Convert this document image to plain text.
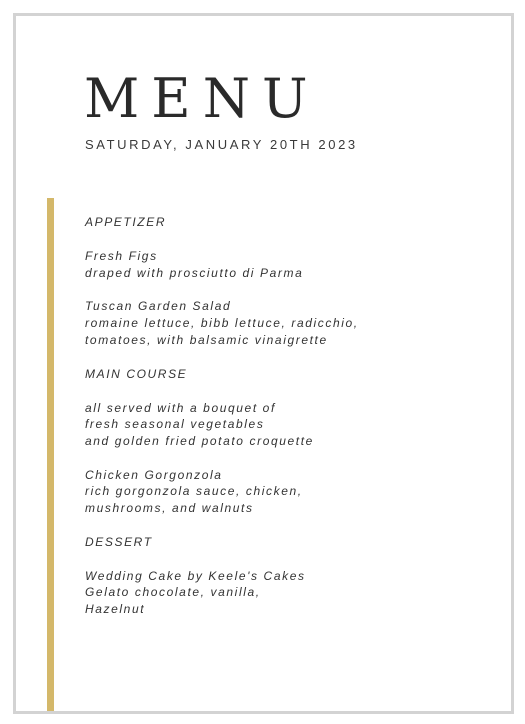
MENU
SATURDAY, JANUARY 20TH 2023
APPETIZER
Fresh Figs
draped with prosciutto di Parma
Tuscan Garden Salad
romaine lettuce, bibb lettuce, radicchio,
tomatoes, with balsamic vinaigrette
MAIN COURSE
all served with a bouquet of
fresh seasonal vegetables
and golden fried potato croquette
Chicken Gorgonzola
rich gorgonzola sauce, chicken,
mushrooms, and walnuts
DESSERT
Wedding Cake by Keele's Cakes
Gelato chocolate, vanilla,
Hazelnut
